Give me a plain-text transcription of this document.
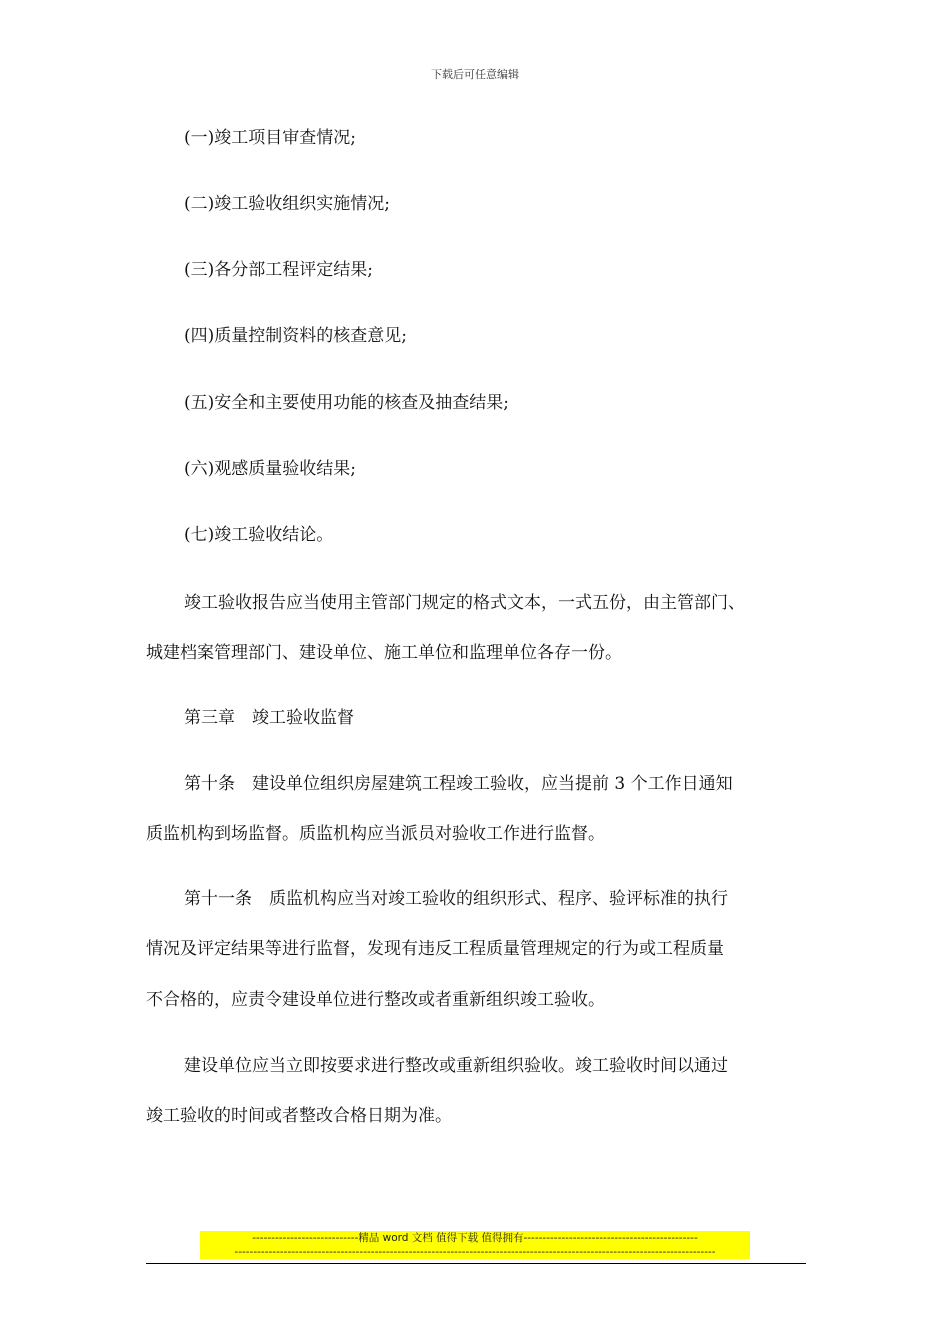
下载后可任意编辑
(一)竣工项目审查情况;
(二)竣工验收组织实施情况;
(三)各分部工程评定结果;
(四)质量控制资料的核查意见;
(五)安全和主要使用功能的核查及抽查结果;
(六)观感质量验收结果;
(七)竣工验收结论。
竣工验收报告应当使用主管部门规定的格式文本，一式五份，由主管部门、
城建档案管理部门、建设单位、施工单位和监理单位各存一份。
第三章　竣工验收监督
第十条　建设单位组织房屋建筑工程竣工验收，应当提前 3 个工作日通知
质监机构到场监督。质监机构应当派员对验收工作进行监督。
第十一条　质监机构应当对竣工验收的组织形式、程序、验评标准的执行
情况及评定结果等进行监督，发现有违反工程质量管理规定的行为或工程质量
不合格的，应责令建设单位进行整改或者重新组织竣工验收。
建设单位应当立即按要求进行整改或重新组织验收。竣工验收时间以通过
竣工验收的时间或者整改合格日期为准。
----------------------------精品 word 文档 值得下载 值得拥有----------------------------------------------
-------------------------------------------------------------------------------------------------------------------------------
